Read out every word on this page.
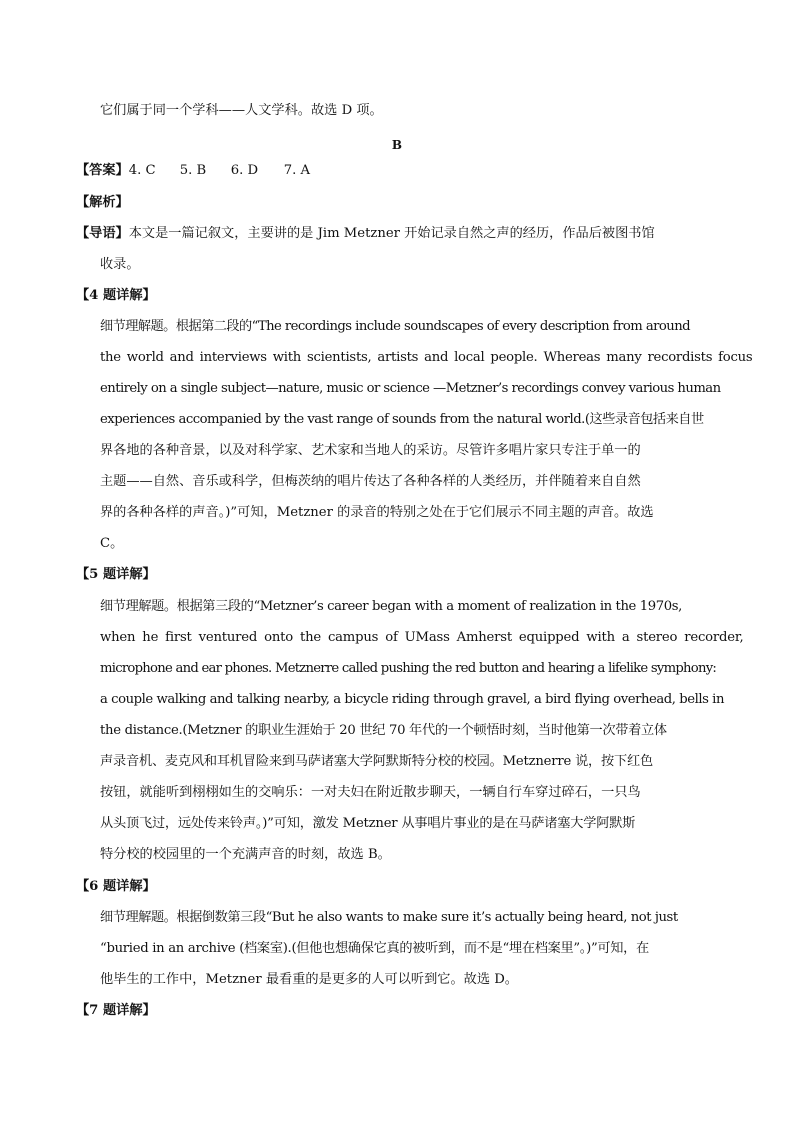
它们属于同一个学科——人文学科。故选 D 项。
B
【答案】4. C 5. B 6. D 7. A
【解析】
【导语】本文是一篇记叙文，主要讲的是 Jim Metzner 开始记录自然之声的经历，作品后被图书馆
收录。
【4 题详解】
细节理解题。根据第二段的“The recordings include soundscapes of every description from around
the world and interviews with scientists, artists and local people. Whereas many recordists focus
entirely on a single subject—nature, music or science —Metzner’s recordings convey various human
experiences accompanied by the vast range of sounds from the natural world.(这些录音包括来自世
界各地的各种音景，以及对科学家、艺术家和当地人的采访。尽管许多唱片家只专注于单一的
主题——自然、音乐或科学，但梅茨纳的唱片传达了各种各样的人类经历，并伴随着来自自然
界的各种各样的声音。)”可知，Metzner 的录音的特别之处在于它们展示不同主题的声音。故选
C。
【5 题详解】
细节理解题。根据第三段的“Metzner’s career began with a moment of realization in the 1970s,
when he first ventured onto the campus of UMass Amherst equipped with a stereo recorder,
microphone and ear phones. Metznerre called pushing the red button and hearing a lifelike symphony:
a couple walking and talking nearby, a bicycle riding through gravel, a bird flying overhead, bells in
the distance.(Metzner 的职业生涯始于 20 世纪 70 年代的一个顿悟时刻，当时他第一次带着立体
声录音机、麦克风和耳机冒险来到马萨诸塞大学阿默斯特分校的校园。Metznerre 说，按下红色
按钮，就能听到栩栩如生的交响乐：一对夫妇在附近散步聊天，一辆自行车穿过碎石，一只鸟
从头顶飞过，远处传来铃声。)”可知，激发 Metzner 从事唱片事业的是在马萨诸塞大学阿默斯
特分校的校园里的一个充满声音的时刻，故选 B。
【6 题详解】
细节理解题。根据倒数第三段“But he also wants to make sure it’s actually being heard, not just
“buried in an archive (档案室).(但他也想确保它真的被听到，而不是“埋在档案里”。)”可知，在
他毕生的工作中，Metzner 最看重的是更多的人可以听到它。故选 D。
【7 题详解】
